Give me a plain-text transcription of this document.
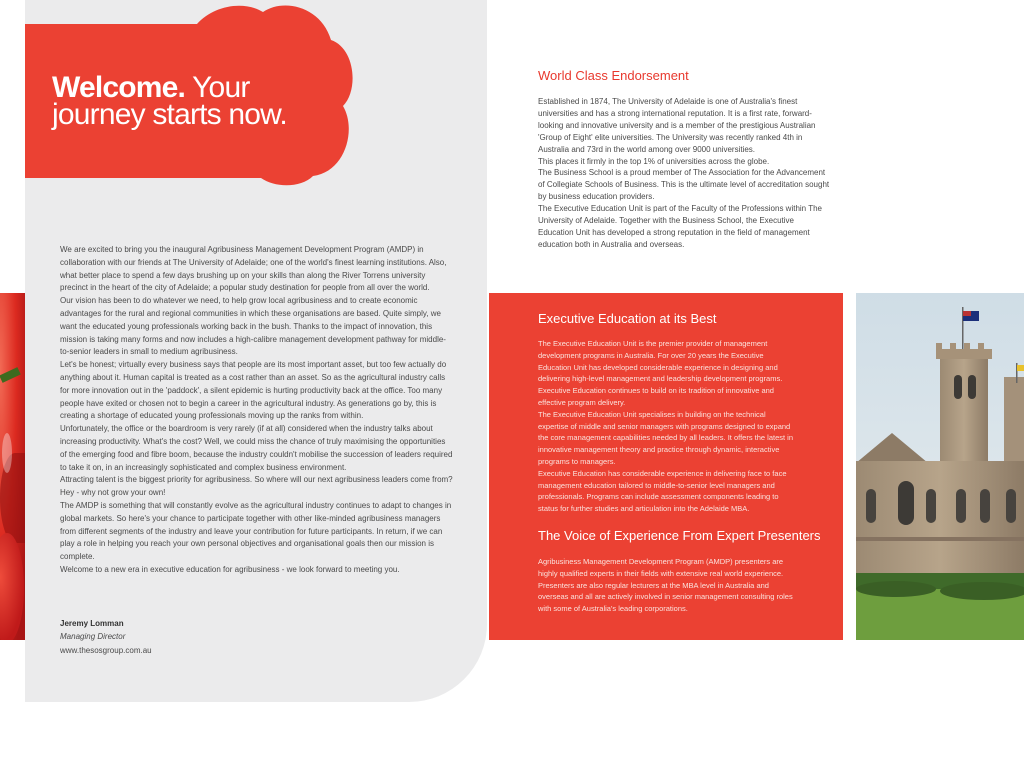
Welcome. Your
journey starts now.

We are excited to bring you the inaugural Agribusiness Management Development Program (AMDP) in collaboration with our friends at The University of Adelaide; one of the world's finest learning institutions. Also, what better place to spend a few days brushing up on your skills than along the River Torrens university precinct in the heart of the city of Adelaide; a popular study destination for people from all over the world.

Our vision has been to do whatever we need, to help grow local agribusiness and to create economic advantages for the rural and regional communities in which these organisations are based. Quite simply, we want the educated young professionals working back in the bush. Thanks to the impact of innovation, this mission is taking many forms and now includes a high-calibre management development pathway for middle-to-senior leaders in small to medium agribusiness.

Let's be honest; virtually every business says that people are its most important asset, but too few actually do anything about it. Human capital is treated as a cost rather than an asset. So as the agricultural industry calls for more innovation out in the 'paddock', a silent epidemic is hurting productivity back at the office. Too many people have exited or chosen not to begin a career in the agricultural industry. As generations go by, this is creating a shortage of educated young professionals moving up the ranks from within.

Unfortunately, the office or the boardroom is very rarely (if at all) considered when the industry talks about increasing productivity. What's the cost? Well, we could miss the chance of truly maximising the opportunities of the emerging food and fibre boom, because the industry couldn't mobilise the succession of leaders required to take it on, in an increasingly sophisticated and complex business environment.

Attracting talent is the biggest priority for agribusiness. So where will our next agribusiness leaders come from? Hey - why not grow your own!

The AMDP is something that will constantly evolve as the agricultural industry continues to adapt to changes in global markets. So here's your chance to participate together with other like-minded agribusiness managers from different segments of the industry and leave your contribution for future participants. In return, if we can play a role in helping you reach your own personal objectives and organisational goals then our mission is complete.

Welcome to a new era in executive education for agribusiness - we look forward to meeting you.

Jeremy Lomman

Managing Director

www.thesosgroup.com.au

World Class Endorsement

Established in 1874, The University of Adelaide is one of Australia's finest universities and has a strong international reputation. It is a first rate, forward-looking and innovative university and is a member of the prestigious Australian 'Group of Eight' elite universities. The University was recently ranked 4th in Australia and 73rd in the world among over 9000 universities.

This places it firmly in the top 1% of universities across the globe.

The Business School is a proud member of The Association for the Advancement of Collegiate Schools of Business. This is the ultimate level of accreditation sought by business education providers.

The Executive Education Unit is part of the Faculty of the Professions within The University of Adelaide. Together with the Business School, the Executive Education Unit has developed a strong reputation in the field of management education both in Australia and overseas.

Executive Education at its Best

The Executive Education Unit is the premier provider of management development programs in Australia. For over 20 years the Executive Education Unit has developed considerable experience in designing and delivering high-level management and leadership development programs. Executive Education continues to build on its tradition of innovative and effective program delivery.

The Executive Education Unit specialises in building on the technical expertise of middle and senior managers with programs designed to expand the core management capabilities needed by all leaders. It offers the latest in innovative management theory and practice through dynamic, interactive programs to managers.

Executive Education has considerable experience in delivering face to face management education tailored to middle-to-senior level managers and professionals. Programs can include assessment components leading to status for further studies and articulation into the Adelaide MBA.

The Voice of Experience From Expert Presenters

Agribusiness Management Development Program (AMDP) presenters are highly qualified experts in their fields with extensive real world experience. Presenters are also regular lecturers at the MBA level in Australia and overseas and all are actively involved in senior management consulting roles with some of Australia's leading corporations.
